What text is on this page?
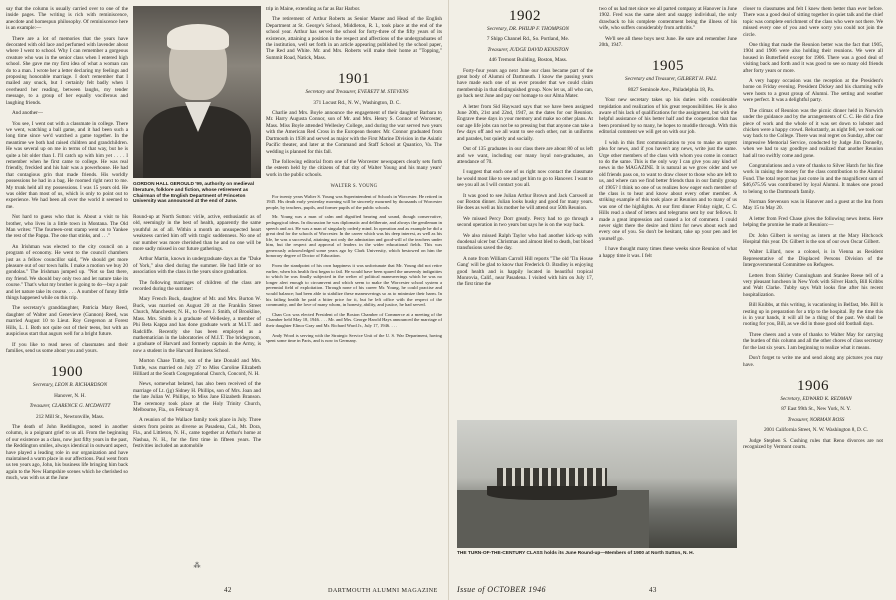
say that the column is usually carried over to one of the inside pages. The writing is rich with reminiscence, anecdote and homespun philosophy. Of reminiscence here is an example:—

There are a lot of memories that the years have decorated with old lace and perfumed with lavender about where I went to school. Why I can remember a gorgeous creature who was in the senior class when I entered high school. She gave me my first idea of what a woman can do to a man. I wrote her a letter declaring my feelings and proposing honorable marriage. I don't remember that I mailed any snuck, but I certainly felt badly when I overheard her reading, between laughs, my tender message, to a group of her equally vociferous and laughing friends.

And another—

You see, I went out with a classmate in college. There we went, watching a ball game, and it had been such a long time since we'd watched a game together. In the meantime we both had raised children and grandchildren. He was several up on me in terms of that way, but he is quite a bit older than I. I'll catch up with him yet . . . . I remember when he first came to college. He was real friendly, freckled and his hair was a powerhouse. He had that contagious grin that made friends. His worldly possessions he had in a bag. He roomed right next to me. My trunk held all my possessions. I was 15 years old. He was older than most of us, which is only to point out to experience. We had been all over the world it seemed to me.

Not hard to guess who that is. About a visit to his brother, who lives in a little town in Montana. The Old Man writes: "The fourteen-cent stamp went on to Yankee the rest of the Pappa. The one that stinks, and . . ."

An Irishman was elected to the city council on a program of economy. He went to the council chambers just as a fellow councillor said, "We should get more pleasure out of our town halls. I make a motion we buy 20 gondolas." The Irishman jumped up. "Not so fast there, my friend. We should buy only two and let nature take its course." That's what my brother is going to do—buy a pair and let nature take its course. . . . A number of funny little things happened while on this trip.

The secretary's granddaughter, Patricia Mary Reed, daughter of Walter and Genevieve (Gannon) Reed, was married August 10 to Lieut. Roy Gregerson at Forest Hills, L. I. Both not quite out of their teens, but with an auspicious start that augurs well for a bright future.

If you like to read news of classmates and their families, send us some about you and yours.

1900

Secretary, LEON B. RICHARDSON

Hanover, N. H.

Treasurer, CLARENCE G. MCDAVITT

212 Mill St., Newtonville, Mass.

The death of John Reddington, noted in another column, is a poignant grief to us all. From the beginning of our existence as a class, now just fifty years in the past, the Reddington smiles, always identical in outward aspect, have played a leading role in our organization and have maintained a warm place in our affections. Paul went from us ten years ago, John, his business life bringing him back again to the New Hampshire scenes which he cherished so much, was with us at the June

GORDON HALL GEROULD '99, authority on medieval literature, folklore and fiction, whose retirement as Chairman of the English Department of Princeton University was announced at the end of June.

Round-up at North Sutton: virile, active, enthusiastic as of old, seemingly in the best of health, apparently the same youthful as of all. Within a month an unsuspected heart weakness carried him off with tragic suddenness. No one of our number was more cherished than he and no one will be more sadly missed in our future gatherings.

Arthur Martin, known in undergraduate days as the "Duke of York," also died during the summer. He had little or no association with the class in the years since graduation.

The following marriages of children of the class are recorded during the summer:

Mary French Buck, daughter of Mr. and Mrs. Burton W. Buck, was married on August 20 at the Franklin Street Church, Manchester, N. H., to Owen J. Smith, of Brookline, Mass. Mrs. Smith is a graduate of Wellesley, a member of Phi Beta Kappa and has done graduate work at M.I.T. and Radcliffe. Recently she has been employed as a mathematician in the laboratories of M.I.T. The bridegroom, a graduate of Harvard and formerly captain in the Army, is now a student in the Harvard Business School.

Morton Chase Tuttle, son of the late Donald and Mrs. Tuttle, was married on July 27 to Miss Caroline Elizabeth Hilliard at the South Congregational Church, Concord, N. H.

News, somewhat belated, has also been received of the marriage of Lt. (jg) Sidney H. Phillips, son of Mrs. Joan and the late Julian W. Phillips, to Miss Jane Elizabeth Branson. The ceremony took place at the Holy Trinity Church, Melbourne, Fla., on February 8.

A reunion of the Wallace family took place in July. Three sisters from points as diverse as Pasadena, Cal., Mt. Dora, Fla., and Littleton, N. H., came together at Arthur's home at Nashua, N. H., for the first time in fifteen years. The festivities included an automobile

⁂

trip in Maine, extending as far as Bar Harbor.

The retirement of Arthur Roberts as Senior Master and Head of the English Department at St. George's School, Middleton, R. I., took place at the end of the school year. Arthur has served the school for forty-three of the fifty years of its existence, attaining a position in the respect and affections of the undergraduates of the institution, well set forth in an article appearing published by the school paper, The Red and White. Mr. and Mrs. Roberts will make their home at "Topping," Summit Road, Natick, Mass.

1901

Secretary and Treasurer, EVERETT M. STEVENS

371 Locust Rd., N. W., Washington, D. C.

Charlie and Mrs. Boyle announce the engagement of their daughter Barbara to Mr. Harry Augusta Connor, son of Mr. and Mrs. Henry S. Connor of Worcester, Mass. Miss Boyle attended Wellesley College, and during the war served two years with the American Red Cross in the European theater. Mr. Connor graduated from Dartmouth in 1938 and served as major with the First Marine Division in the Asiatic Pacific theater, and later at the Command and Staff School at Quantico, Va. The wedding is planned for this fall.

The following editorial from one of the Worcester newspapers clearly sets forth the esteem held by the citizens of that city of Walter Young and his many years' work in the public schools.

WALTER S. YOUNG

For twenty years Walter S. Young was Superintendent of Schools in Worcester. He retired in 1945. His death early yesterday morning will be sincerely mourned by thousands of Worcester people, by teachers, pupils, and former pupils of the public schools.

Mr. Young was a man of calm and dignified bearing and sound, though conservative, pedagogical ideas. In discussion he was diplomatic and deliberate, and always the gentleman in speech and act. He was a man of singularly orderly mind. In operation and as example he did a great deal for the schools of Worcester. In the career which was his deep interest, as well as his life, he was a successful, attaining not only the admiration and good-will of the teachers under him, but the respect and approval of leaders in the wider educational fields. This was generously acknowledged some years ago by Clark University, which bestowed on him the honorary degree of Doctor of Education.

From the standpoint of his own happiness it was unfortunate that Mr. Young did not retire earlier, when his health first began to fail. He would have been spared the unseemly indignities to which he was finally subjected in the welter of political maneuverings which he was no longer alert enough to circumvent and which seem to make the Worcester school system a perennial field of exploitation. Through none of his career Mr. Young, he could practise and would balance; had been able to stabilize these maneuverings so as to minimize their harm. In his failing health he paid a bitter price for it, but he left office with the respect of the community, and the love of many whom, in honesty, ability, and justice, he had served.

Chan Cox was elected President of the Boston Chamber of Commerce at a meeting of the Chamber held May 18, 1946. . . . Mr. and Mrs. George Harold Hays announced the marriage of their daughter Elinor Gray and Mr. Richard Ward Jr., July 17, 1946. . . .

Andy Wood is serving with the Strategic Service Unit of the U. S. War Department, having spent some time in Paris, and is now in Germany.

42	DARTMOUTH ALUMNI MAGAZINE
1902

Secretary, DR. PHILIP F. THOMPSON

7 Shipp Channel Rd., So. Portland, Me.

Treasurer, JUDGE DAVID KENISTON

446 Tremont Building, Boston, Mass.

Forty-four years ago next June our class became part of the great body of Alumni of Dartmouth. I know the passing years have made each one of us ever prouder that we could claim membership in that distinguished group. Now let us, all who can, go back next June and pay our homage to our Alma Mater.

A letter from Sid Hayward says that we have been assigned June 20th, 21st and 22nd, 1947, as the dates for our Reunion. Engrave these days in your memory and make no other plans. At our age life jobs can not be so pressing but that anyone can take a few days off and we all want to see each other, not in uniforms and parades, but quietly and socially.

Out of 135 graduates in our class there are about 80 of us left and we want, including our many loyal non-graduates, an attendance of 70.

I suggest that each one of us right now contact the classmate he would most like to see and get him to go to Hanover. I want to see you all as I will contact you all.

It was good to see Julian Arthur Brown and Jack Carswell at our Boston dinner. Julian looks husky and good for many years. He does as well as his mother he will attend our 50th Reunion.

We missed Percy Dorr greatly. Percy had to go through a second operation in two years but says he is on the way back.

We also missed Ralph Taylor who had another kick-up with duodenal ulcer but Christmas and almost bled to death, but blood transfusions saved the day.

A note from William Carroll Hill reports "The old 'Tin House Gang' will be glad to know that Frederick O. Bradley is enjoying good health and is happily located in beautiful tropical Monrovia, Calif., near Pasadena. I visited with him on July 17, the first time the

two of us had met since we all parted company at Hanover in June 1902. Fred was the same alert and snappy individual, the only drawback to his complete contentment being the illness of his wife, who suffers considerably from arthritis."

We'll see all these boys next June. Be sure and remember June 20th, 1947.

1905

Secretary and Treasurer, GILBERT H. FALL

8027 Seminole Ave., Philadelphia 18, Pa.

Your new secretary takes up his duties with considerable trepidation and realization of his great responsibilities. He is also aware of his lack of qualifications for the assignment, but with the helpful assistance of his better half and the cooperation that has been promised by so many, he hopes to muddle through. With this editorial comment we will get on with our job.

I wish in this first communication to you to make an urgent plea for news, and if you haven't any news, write just the same. Urge other members of the class with whom you come in contact to do the same. This is the only way I can give you any kind of news in the MAGAZINE. It is natural as we grow older and we old friends pass on, to want to draw closer to those who are left to us, and where can we find better friends than in our family group of 1905? I think no one of us realizes how eager each member of the class is to hear and know about every other member. A striking example of this took place at Reunion and to many of us was one of the highlights. At our first dinner Friday night, C. C. Hills read a sheaf of letters and telegrams sent by our fellows. It made a great impression and caused a lot of comment. I could never sight there the desire and thirst for news about each and every one of you. So don't be hesitant, take up your pen and let yourself go.

I have thought many times these weeks since Reunion of what a happy time it was. I felt

THE TURN-OF-THE-CENTURY CLASS holds its June Round-up—Members of 1900 at North Sutton, N. H.

closer to classmates and felt I knew them better than ever before. There was a good deal of sitting together in quiet talk and the chief topic was complete enrichment of the class who were not there. We missed every one of you and were sorry you could not join the circle.

One thing that made the Reunion better was the fact that 1905, 1904 and 1906 were also holding their reunions. We were all housed in Butterfield except for 1906. There was a good deal of visiting back and forth and it was good to see so many old friends after forty years or more.

A very happy occasion was the reception at the President's home on Friday evening. President Dickey and his charming wife were hosts to a great group of Alumni. The setting and weather were perfect. It was a delightful party.

The climax of Reunion was the picnic dinner held in Norwich under the guidance and by the arrangements of C. C. He did a fine piece of work and the whole of it was set down to lobster and chicken were a happy crowd. Reluctantly, as night fell, we took our way back to the College. There was real regret on Sunday, after our impressive Memorial Service, conducted by Judge Jim Donnelly, when we had to say goodbye and realized that another Reunion had all too swiftly come and gone.

Congratulations and a vote of thanks to Silver Hatch for his fine work in raising the money for the class contribution to the Alumni Fund. The total report has just come in and the magnificent sum of $46,675.95 was contributed by loyal Alumni. It makes one proud to belong to the Dartmouth family.

Norman Stevenson was in Hanover and a guest at the Inn from May 15 to May 20.

A letter from Fred Chase gives the following news items. Here helping the promise he made at Reunion:—

Dr. John Gilbert is serving as intern at the Mary Hitchcock Hospital this year. Dr. Gilbert is the son of our own Oscar Gilbert.

Walter Lillard, now a colonel, is in Vienna as Resident Representative of the Displaced Persons Division of the Intergovernmental Committee on Refugees.

Letters from Shirley Cunningham and Stanlee Reese tell of a very pleasant luncheon in New York with Silver Hatch, Bill Kribbs and Walt Clarke. Tubby says Walt looks fine after his recent hospitalization.

Bill Knibbs, at this writing, is vacationing in Belfast, Me. Bill is resting up in preparation for a trip to the hospital. By the time this is in your hands, it will all be a thing of the past. We shall be rooting for you, Bill, as we did in those good old football days.

Three cheers and a vote of thanks to Walter May for carrying the burden of this column and all the other chores of class secretary for the last six years. I am beginning to realize what it means.

Don't forget to write me and send along any pictures you may have.

1906

Secretary, EDWARD K. REDMAN

87 East 99th St., New York, N. Y.

Treasurer, NORMAN ROSS

2001 California Street, N. W. Washington 8, D. C.

Judge Stephen S. Cushing rules that Reno divorces are not recognized by Vermont courts.

Issue of OCTOBER 1946	43
